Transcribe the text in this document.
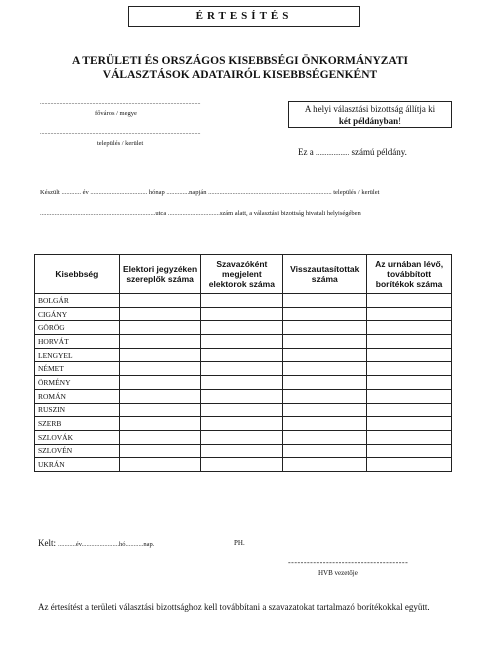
ÉRTESÍTÉS
A TERÜLETI ÉS ORSZÁGOS KISEBBSÉGI ÖNKORMÁNYZATI
VÁLASZTÁSOK ADATAIRÓL KISEBBSÉGENKÉNT
...........................................................................................................
főváros / megye
...........................................................................................................
település / kerület
A helyi választási bizottság állítja ki
két példányban!
Ez a ................... számú példány.
Készült ............ év ................................... hónap ..............napján ............................................................................ település / kerület
.......................................................................utca ................................szám alatt, a választási bizottság hivatali helyiségében
Kisebbség	Elektori jegyzéken szereplők száma	Szavazóként megjelent elektorok száma	Visszautasítottak száma	Az urnában lévő, továbbított borítékok száma
BOLGÁR				
CIGÁNY				
GÖRÖG				
HORVÁT				
LENGYEL				
NÉMET				
ÖRMÉNY				
ROMÁN				
RUSZIN				
SZERB				
SZLOVÁK				
SZLOVÉN				
UKRÁN				
Kelt: ...........év.......................hó...........nap.	PH.
--------------------------------------
HVB vezetője
Az értesítést a területi választási bizottsághoz kell továbbítani a szavazatokat tartalmazó borítékokkal együtt.
